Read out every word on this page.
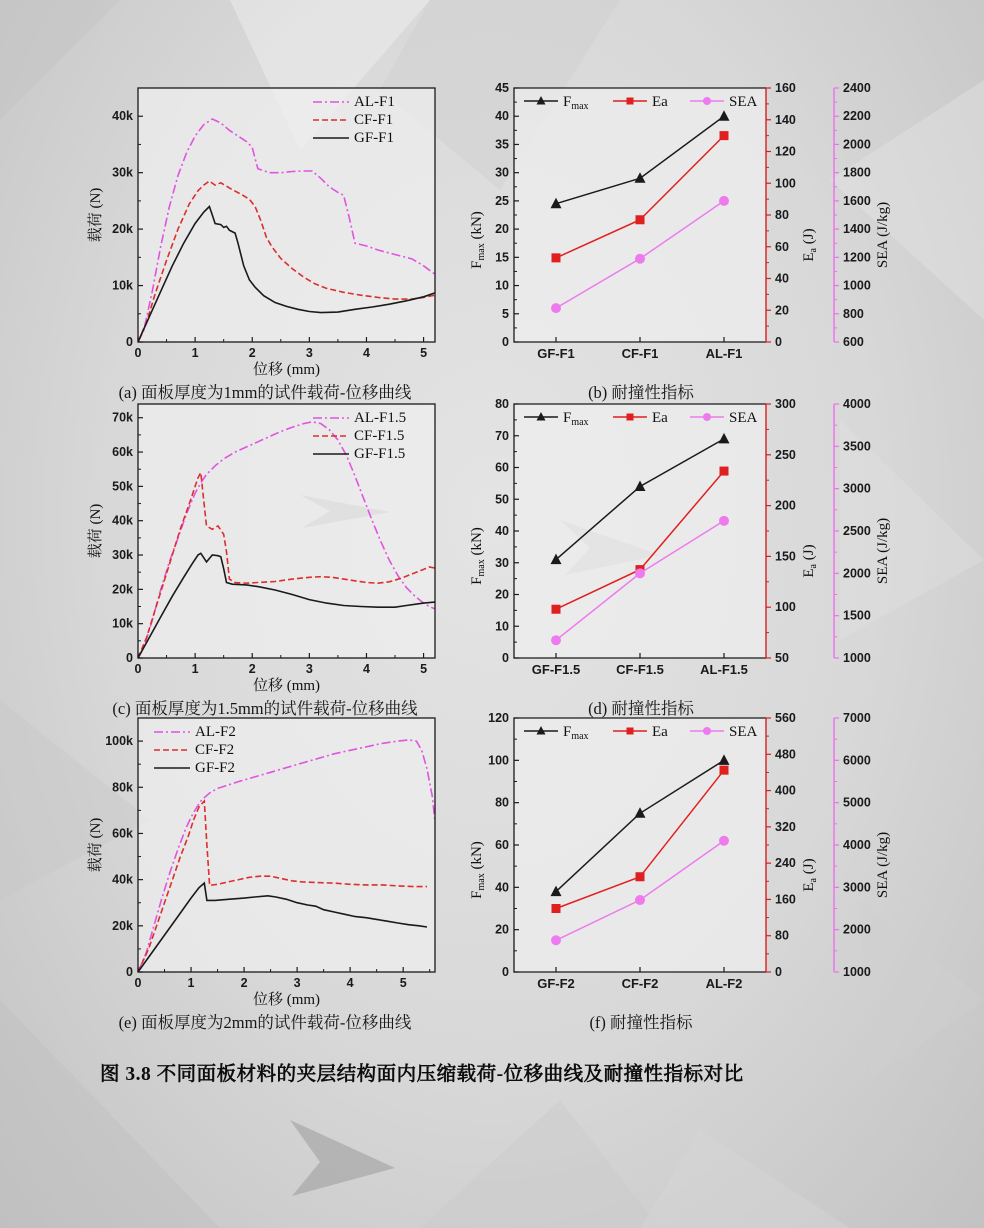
0
10k
20k
30k
40k
0	1	2	3	4	5
位移 (mm)
载荷 (N)
AL-F1
CF-F1
GF-F1
(a) 面板厚度为1mm的试件载荷-位移曲线
0
5
10
15
20
25
30
35
40
45
GF-F1	CF-F1	AL-F1
0
20
40
60
80
100
120
140
160
$E_a$ (J)
600
800
1000
1200
1400
1600
1800
2000
2200
2400
SEA (J/kg)
$F_{max}$ (kN)
$F_{max}$	Ea	SEA
(b) 耐撞性指标
0
10k
20k
30k
40k
50k
60k
70k
0	1	2	3	4	5
位移 (mm)
载荷 (N)
AL-F1.5
CF-F1.5
GF-F1.5
(c) 面板厚度为1.5mm的试件载荷-位移曲线
0
10
20
30
40
50
60
70
80
GF-F1.5	CF-F1.5	AL-F1.5
50
100
150
200
250
300
$E_a$ (J)
1000
1500
2000
2500
3000
3500
4000
SEA (J/kg)
$F_{max}$ (kN)
$F_{max}$	Ea	SEA
(d) 耐撞性指标
0
20k
40k
60k
80k
100k
0	1	2	3	4	5
位移 (mm)
载荷 (N)
AL-F2
CF-F2
GF-F2
(e) 面板厚度为2mm的试件载荷-位移曲线
0
20
40
60
80
100
120
GF-F2	CF-F2	AL-F2
0
80
160
240
320
400
480
560
$E_a$ (J)
1000
2000
3000
4000
5000
6000
7000
SEA (J/kg)
$F_{max}$ (kN)
$F_{max}$	Ea	SEA
(f) 耐撞性指标
图 3.8 不同面板材料的夹层结构面内压缩载荷-位移曲线及耐撞性指标对比
